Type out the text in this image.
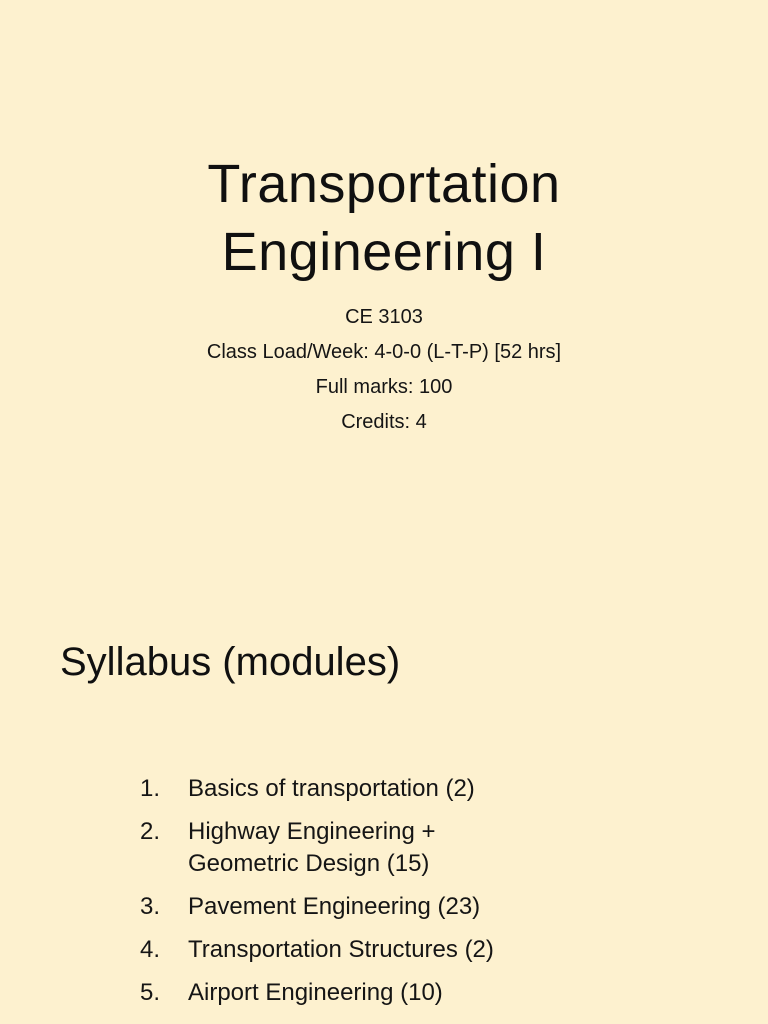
Transportation
Engineering I
CE 3103
Class Load/Week: 4-0-0 (L-T-P) [52 hrs]
Full marks: 100
Credits: 4
Syllabus (modules)
1.	Basics of transportation (2)
2.	Highway Engineering +
Geometric Design (15)
3.	Pavement Engineering (23)
4.	Transportation Structures (2)
5.	Airport Engineering (10)
